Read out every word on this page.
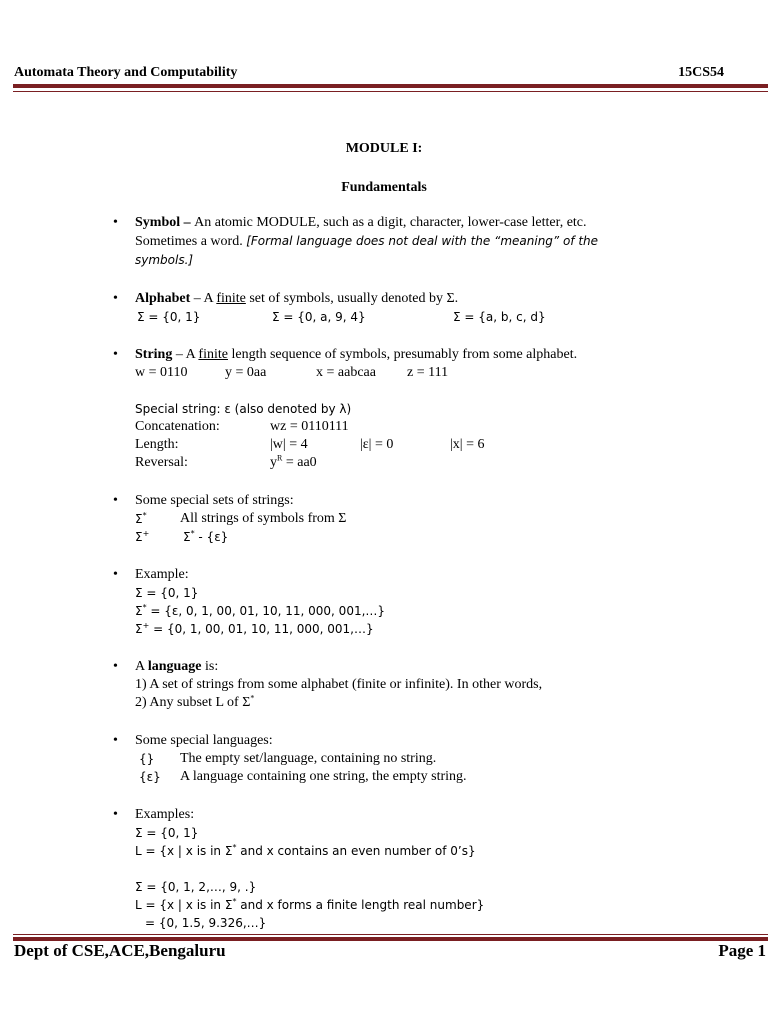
Automata Theory and Computability	15CS54
MODULE I:
Fundamentals
• Symbol – An atomic MODULE, such as a digit, character, lower-case letter, etc.
Sometimes a word. [Formal language does not deal with the “meaning” of the symbols.]
• Alphabet – A finite set of symbols, usually denoted by Σ.
Σ = {0, 1}	Σ = {0, a, 9, 4}	Σ = {a, b, c, d}
• String – A finite length sequence of symbols, presumably from some alphabet.
w = 0110	y = 0aa	x = aabcaa	z = 111
Special string: ε (also denoted by λ)
Concatenation:	wz = 0110111
Length:	|w| = 4	|ε| = 0	|x| = 6
Reversal:	$y^R = aa0$
• Some special sets of strings:
Σ*	All strings of symbols from Σ
Σ+	Σ* - {ε}
• Example:
Σ = {0, 1}
Σ* = {ε, 0, 1, 00, 01, 10, 11, 000, 001,…}
Σ+ = {0, 1, 00, 01, 10, 11, 000, 001,…}
• A language is:
1) A set of strings from some alphabet (finite or infinite). In other words,
2) Any subset L of Σ*
• Some special languages:
{}	The empty set/language, containing no string.
{ε}	A language containing one string, the empty string.
• Examples:
Σ = {0, 1}
L = {x | x is in Σ* and x contains an even number of 0’s}
Σ = {0, 1, 2,…, 9, .}
L = {x | x is in Σ* and x forms a finite length real number}
= {0, 1.5, 9.326,…}
Dept of CSE,ACE,Bengaluru	Page 1
